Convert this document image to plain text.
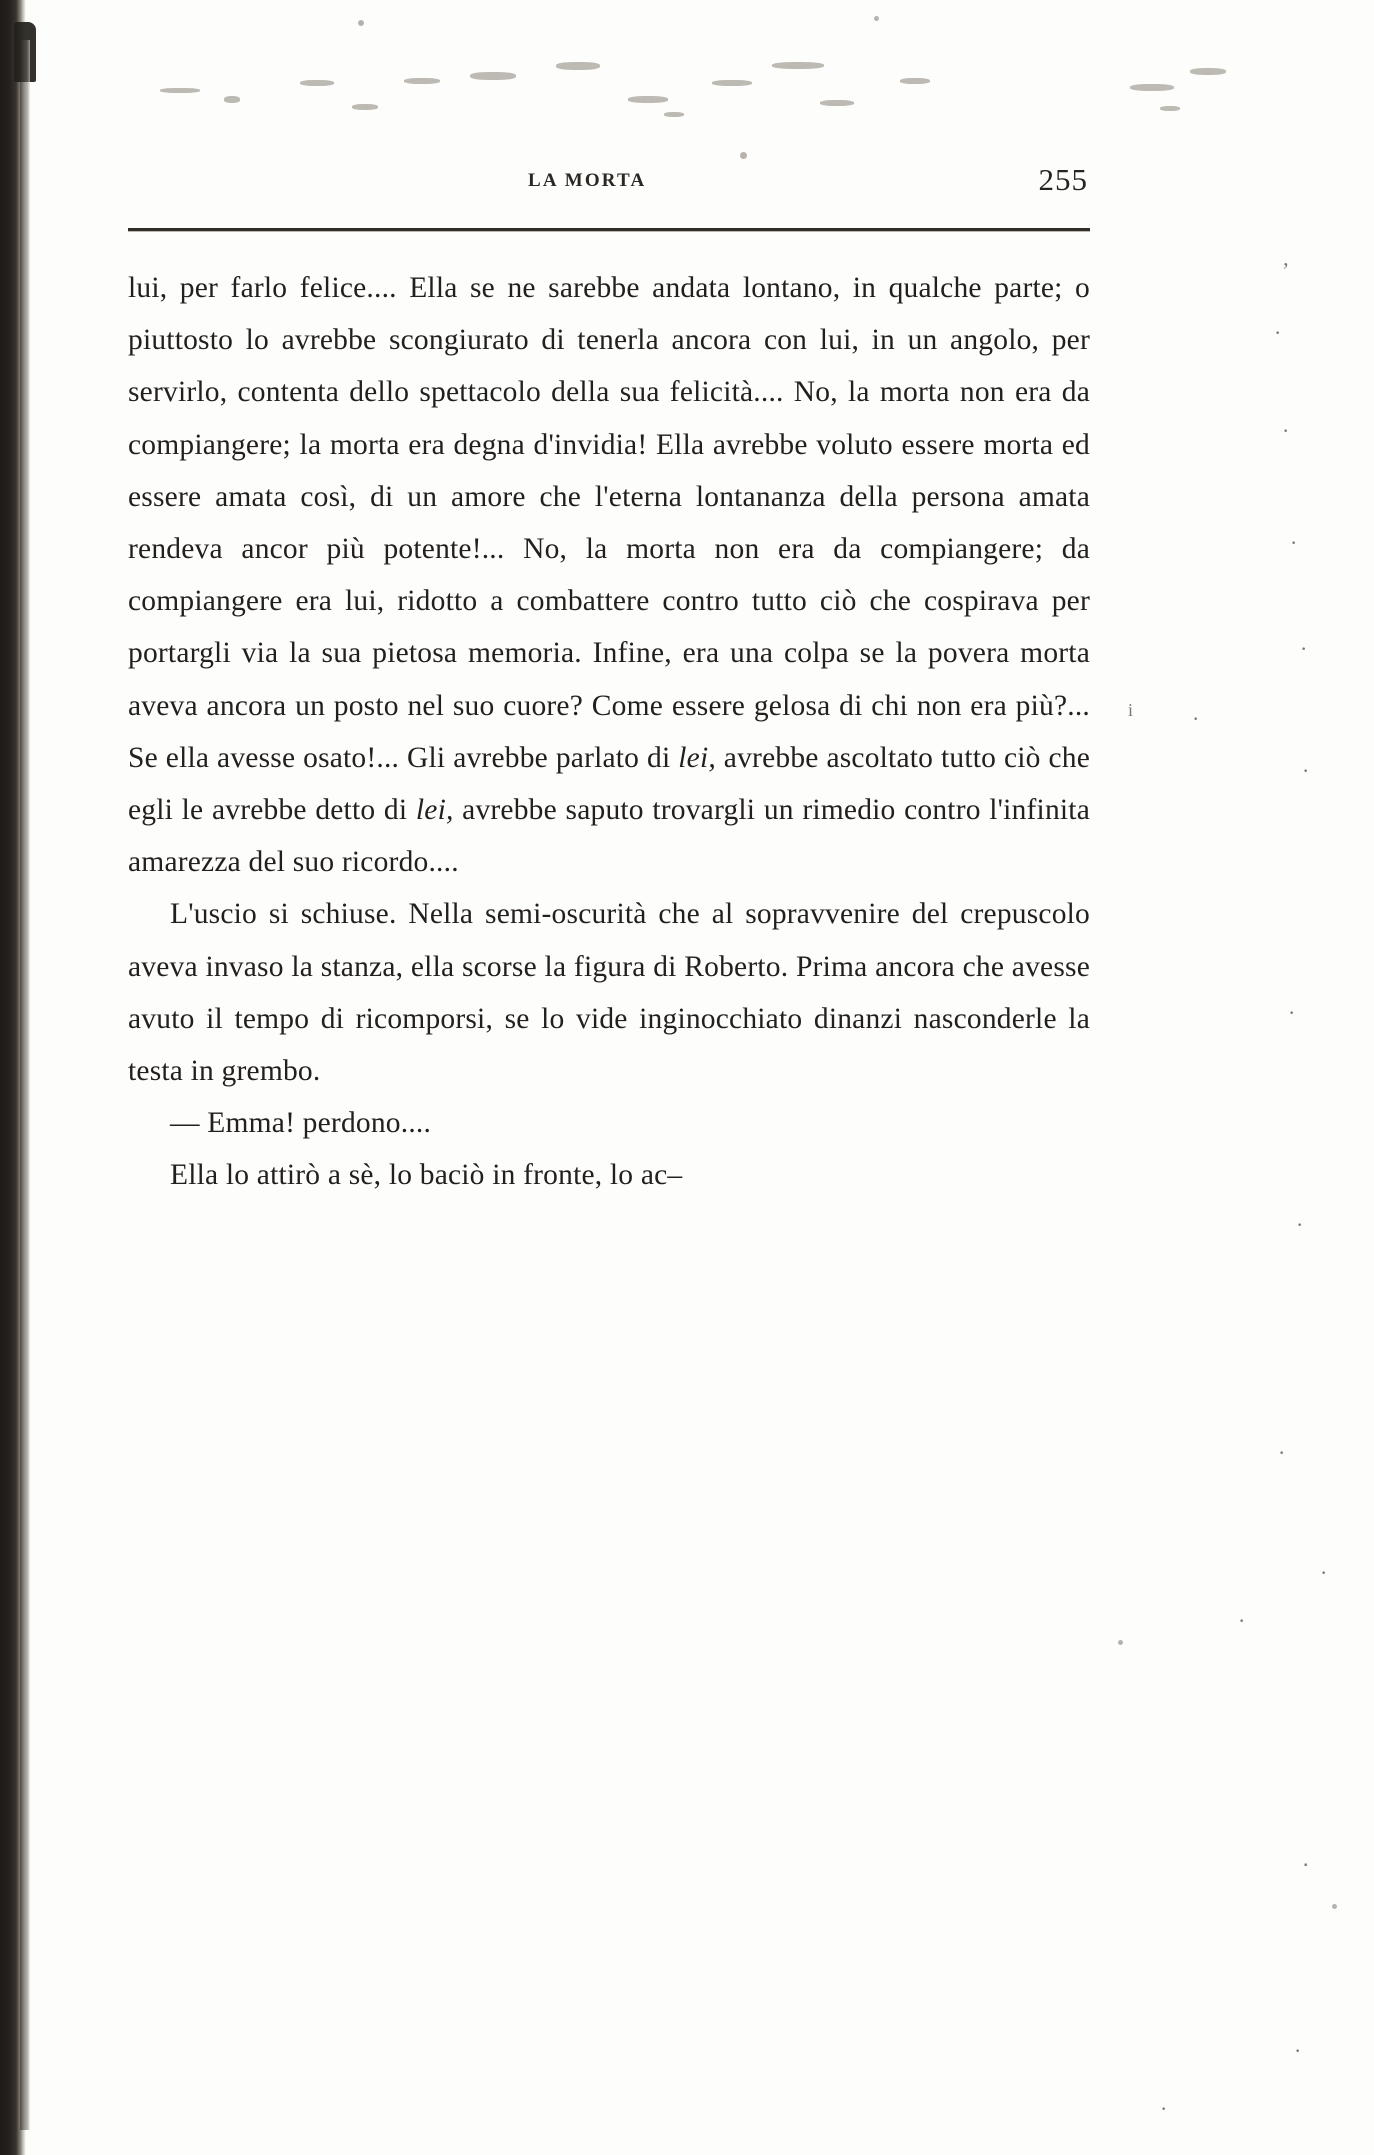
LA MORTA	255

lui, per farlo felice.... Ella se ne sarebbe andata lontano, in qualche parte; o piuttosto lo avrebbe scongiurato di tenerla ancora con lui, in un angolo, per servirlo, contenta dello spettacolo della sua felicità.... No, la morta non era da compiangere; la morta era degna d'invidia! Ella avrebbe voluto essere morta ed essere amata così, di un amore che l'eterna lontananza della persona amata rendeva ancor più potente!... No, la morta non era da compiangere; da compiangere era lui, ridotto a combattere contro tutto ciò che cospirava per portargli via la sua pietosa memoria. Infine, era una colpa se la povera morta aveva ancora un posto nel suo cuore? Come essere gelosa di chi non era più?... Se ella avesse osato!... Gli avrebbe parlato di lei, avrebbe ascoltato tutto ciò che egli le avrebbe detto di lei, avrebbe saputo trovargli un rimedio contro l'infinita amarezza del suo ricordo....

L'uscio si schiuse. Nella semi-oscurità che al sopravvenire del crepuscolo aveva invaso la stanza, ella scorse la figura di Roberto. Prima ancora che avesse avuto il tempo di ricomporsi, se lo vide inginocchiato dinanzi nasconderle la testa in grembo.

— Emma! perdono....

Ella lo attirò a sè, lo baciò in fronte, lo ac–

ʼ
·
·
·
·
i	·
·
·
·
·
·
·
․
·
·
